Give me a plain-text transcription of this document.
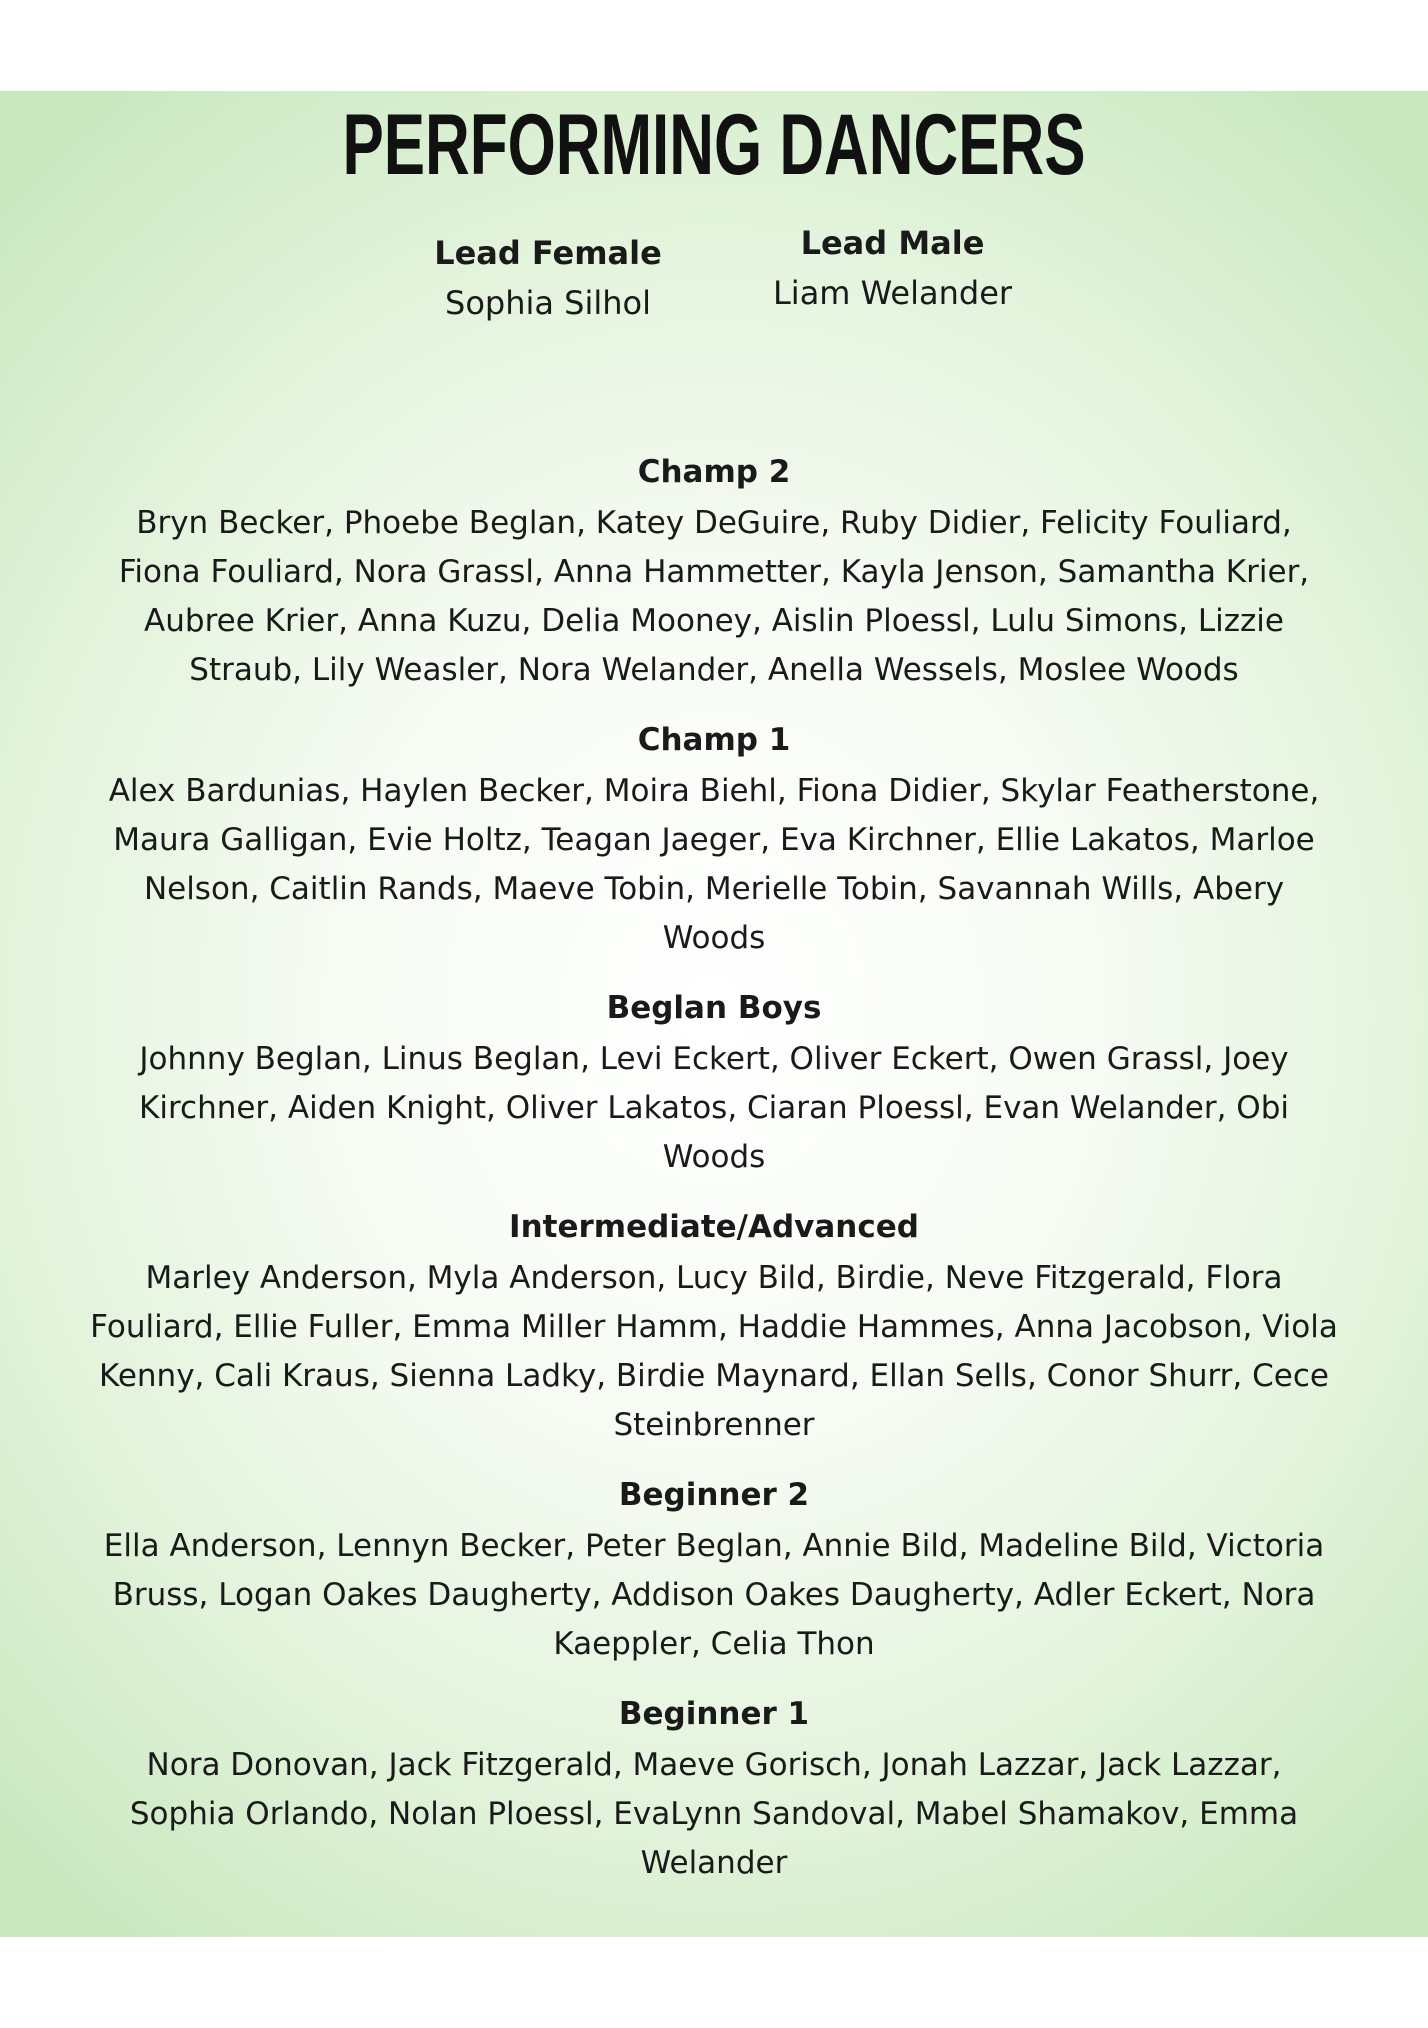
PERFORMING DANCERS
Lead Female
Sophia Silhol
Lead Male
Liam Welander
Champ 2

Bryn Becker, Phoebe Beglan, Katey DeGuire, Ruby Didier, Felicity Fouliard, Fiona Fouliard, Nora Grassl, Anna Hammetter, Kayla Jenson, Samantha Krier, Aubree Krier, Anna Kuzu, Delia Mooney, Aislin Ploessl, Lulu Simons, Lizzie Straub, Lily Weasler, Nora Welander, Anella Wessels, Moslee Woods

Champ 1

Alex Bardunias, Haylen Becker, Moira Biehl, Fiona Didier, Skylar Featherstone, Maura Galligan, Evie Holtz, Teagan Jaeger, Eva Kirchner, Ellie Lakatos, Marloe Nelson, Caitlin Rands, Maeve Tobin, Merielle Tobin, Savannah Wills, Abery Woods

Beglan Boys

Johnny Beglan, Linus Beglan, Levi Eckert, Oliver Eckert, Owen Grassl, Joey Kirchner, Aiden Knight, Oliver Lakatos, Ciaran Ploessl, Evan Welander, Obi Woods

Intermediate/Advanced

Marley Anderson, Myla Anderson, Lucy Bild, Birdie, Neve Fitzgerald, Flora Fouliard, Ellie Fuller, Emma Miller Hamm, Haddie Hammes, Anna Jacobson, Viola Kenny, Cali Kraus, Sienna Ladky, Birdie Maynard, Ellan Sells, Conor Shurr, Cece Steinbrenner

Beginner 2

Ella Anderson, Lennyn Becker, Peter Beglan, Annie Bild, Madeline Bild, Victoria Bruss, Logan Oakes Daugherty, Addison Oakes Daugherty, Adler Eckert, Nora Kaeppler, Celia Thon

Beginner 1

Nora Donovan, Jack Fitzgerald, Maeve Gorisch, Jonah Lazzar, Jack Lazzar, Sophia Orlando, Nolan Ploessl, EvaLynn Sandoval, Mabel Shamakov, Emma Welander
